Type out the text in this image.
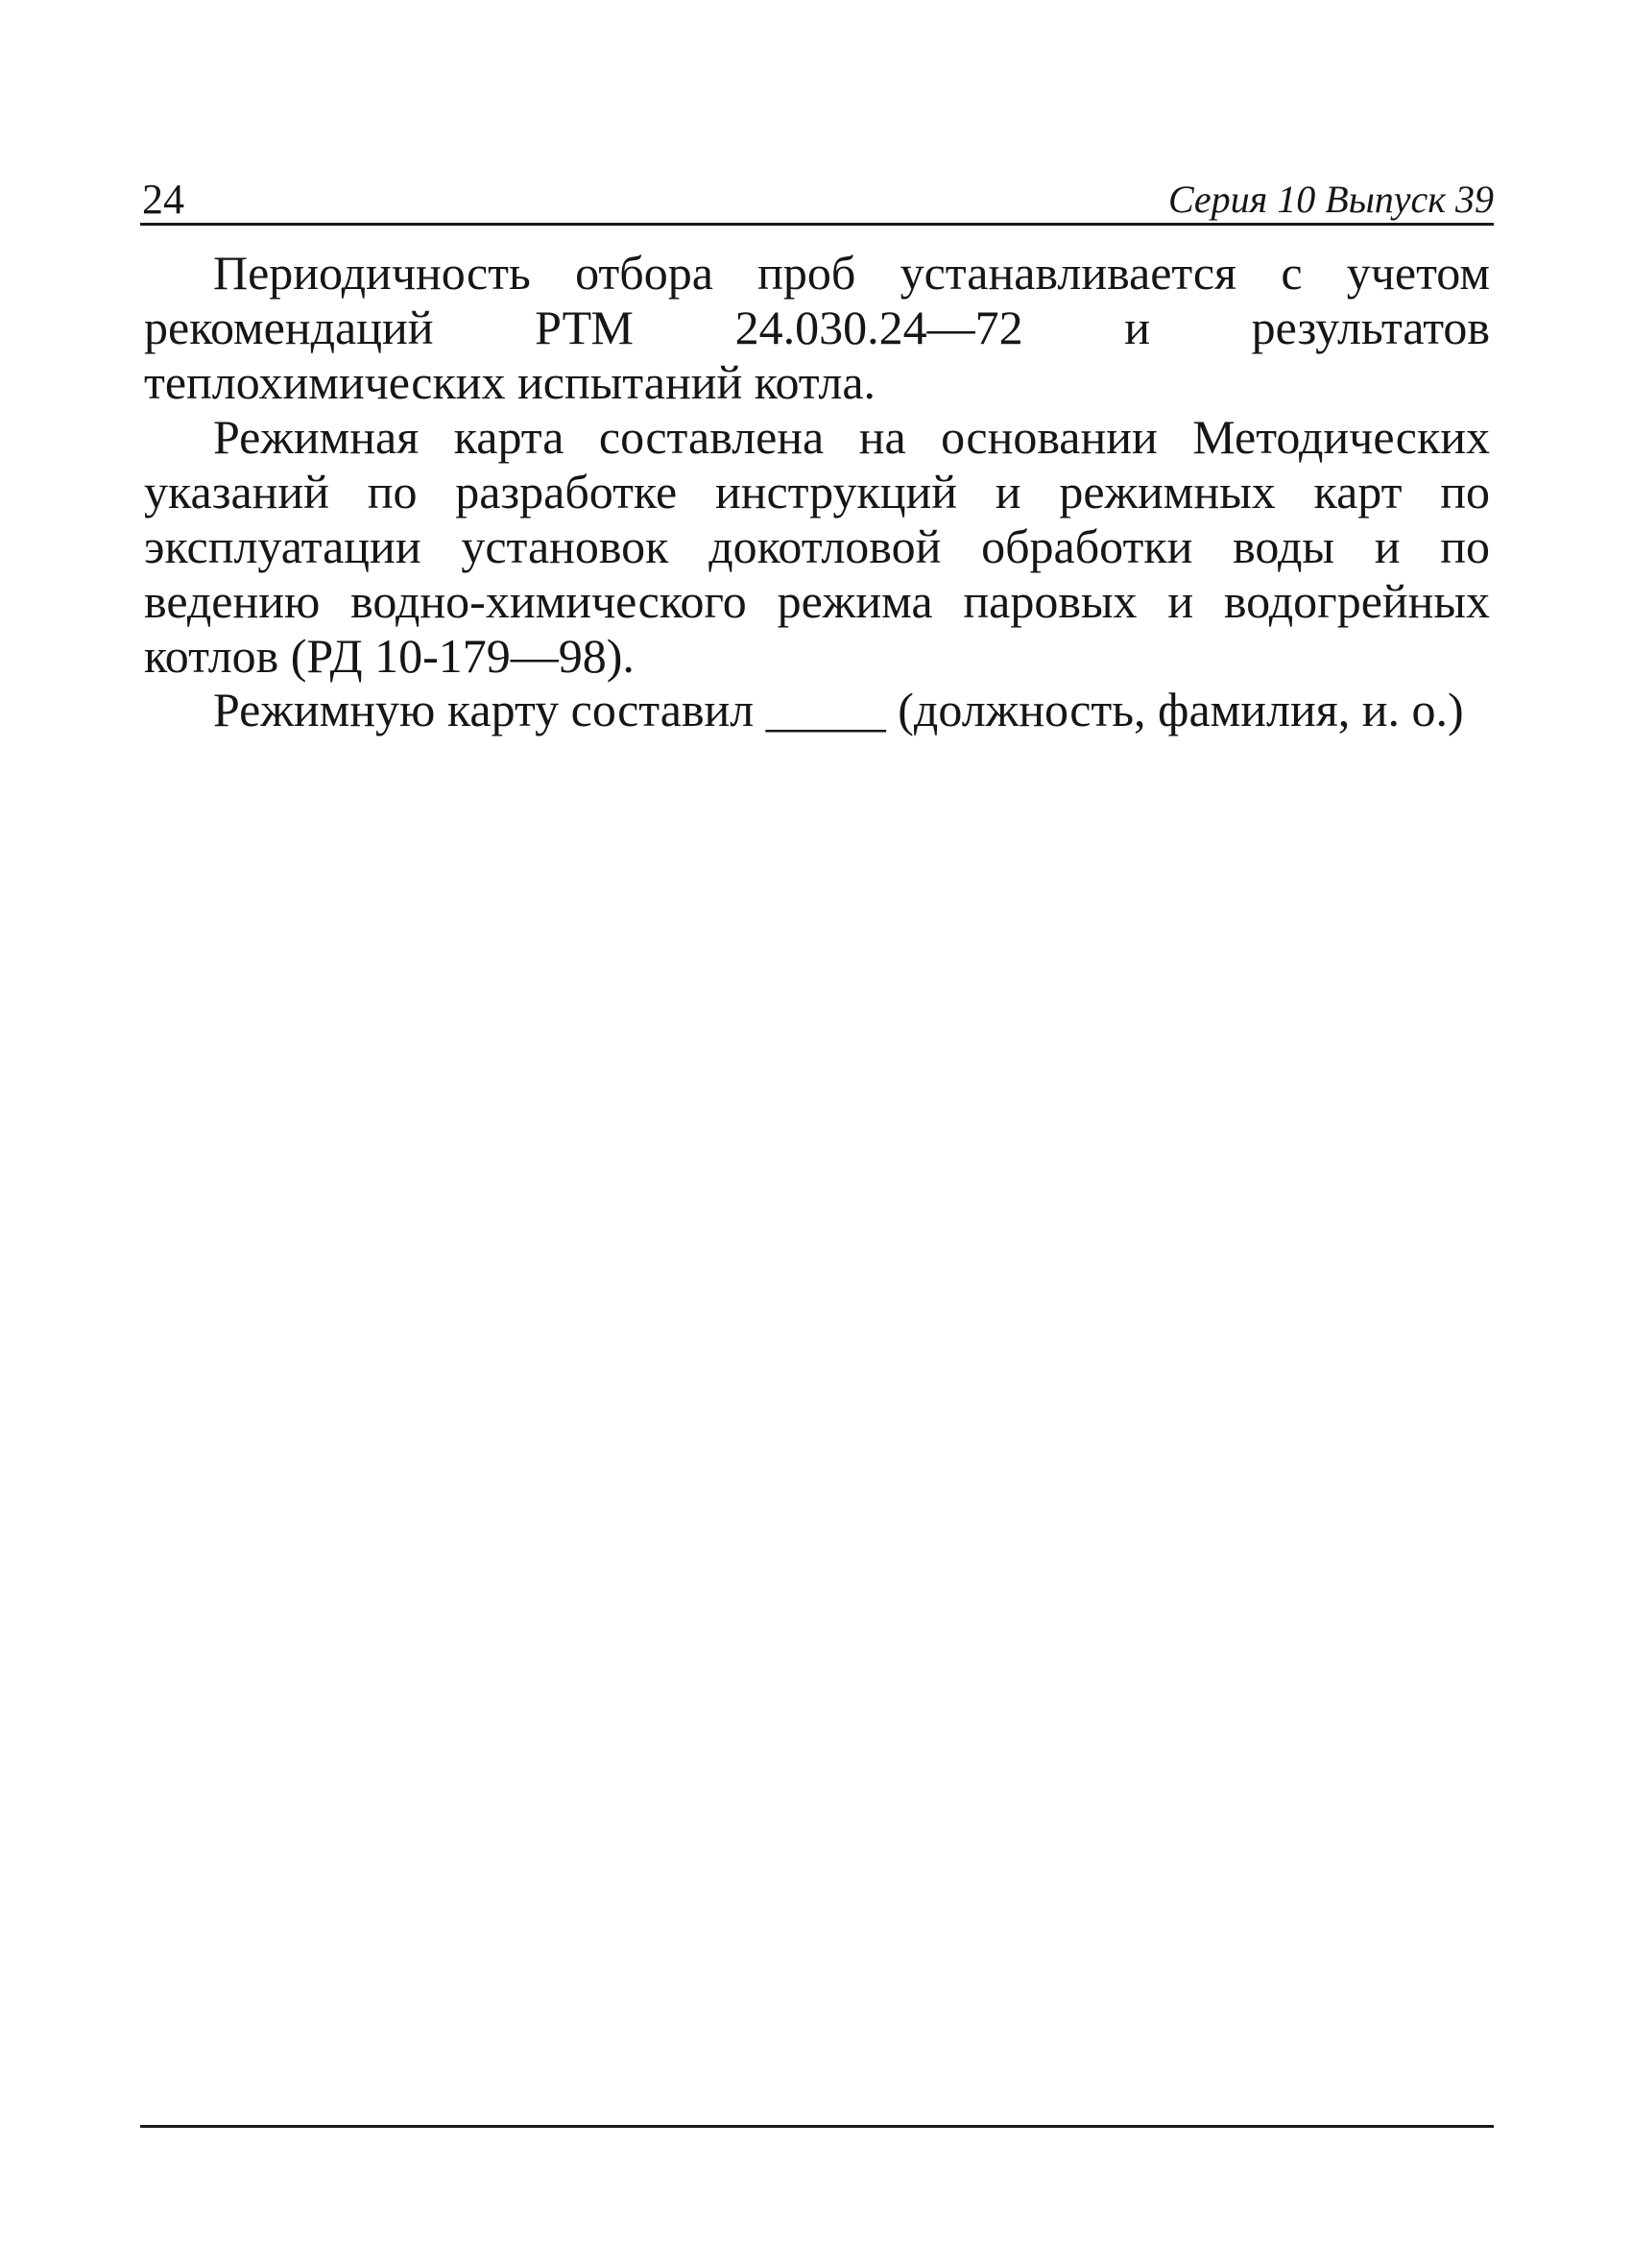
24	Серия 10 Выпуск 39

Периодичность отбора проб устанавливается с учетом рекомендаций РТМ 24.030.24—72 и результатов теплохимических испытаний котла.

Режимная карта составлена на основании Методических указаний по разработке инструкций и режимных карт по эксплуатации установок докотловой обработки воды и по ведению водно-химического режима паровых и водогрейных котлов (РД 10-179—98).

Режимную карту составил _____ (должность, фамилия, и. о.)
